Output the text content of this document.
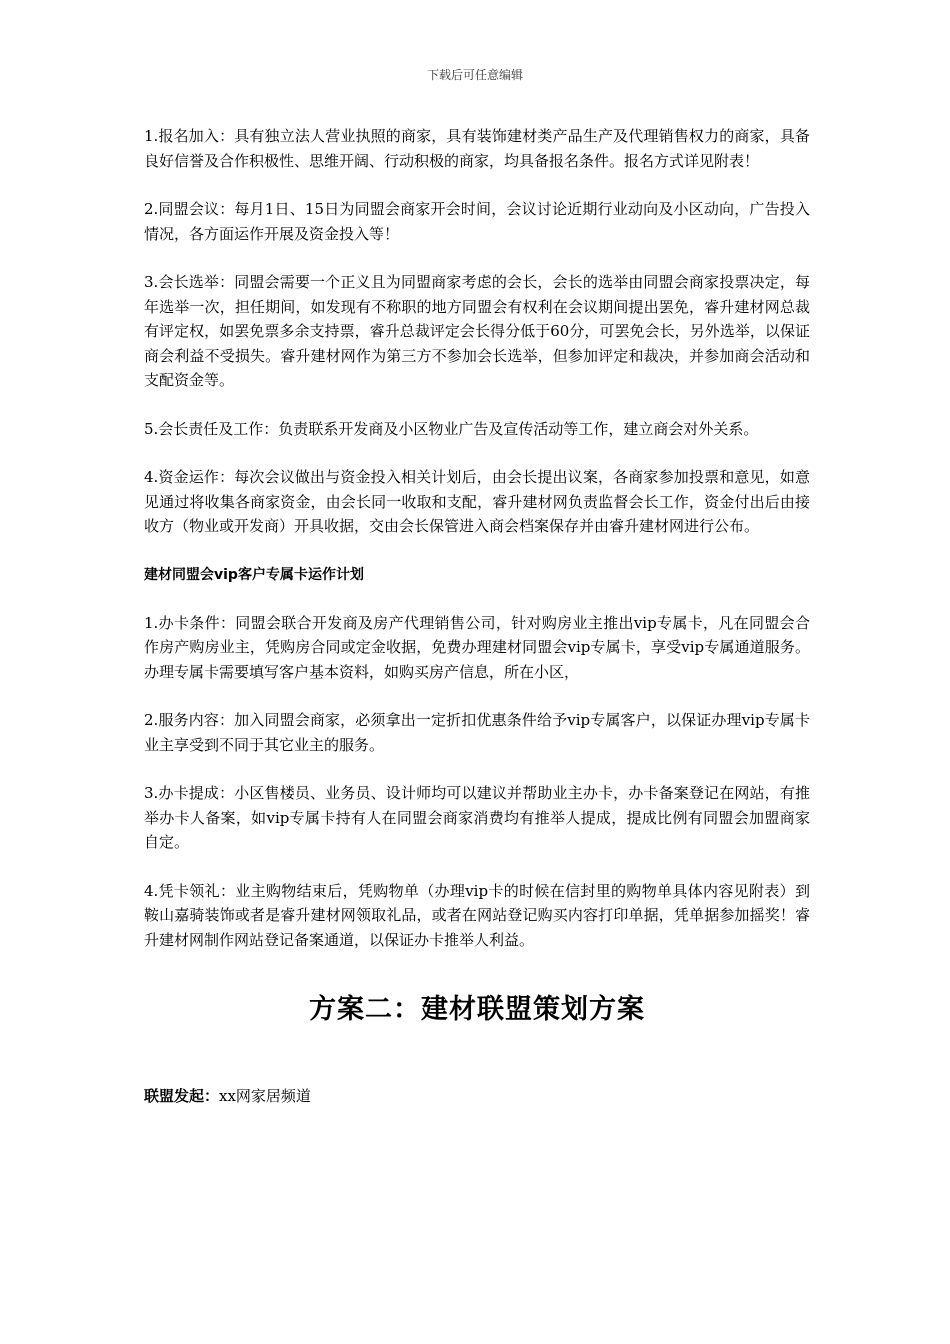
下载后可任意编辑

1.报名加入：具有独立法人营业执照的商家，具有装饰建材类产品生产及代理销售权力的商家，具备良好信誉及合作积极性、思维开阔、行动积极的商家，均具备报名条件。报名方式详见附表！

2.同盟会议：每月1日、15日为同盟会商家开会时间，会议讨论近期行业动向及小区动向，广告投入情况，各方面运作开展及资金投入等！

3.会长选举：同盟会需要一个正义且为同盟商家考虑的会长，会长的选举由同盟会商家投票决定，每年选举一次，担任期间，如发现有不称职的地方同盟会有权利在会议期间提出罢免，睿升建材网总裁有评定权，如罢免票多余支持票，睿升总裁评定会长得分低于60分，可罢免会长，另外选举，以保证商会利益不受损失。睿升建材网作为第三方不参加会长选举，但参加评定和裁决，并参加商会活动和支配资金等。

5.会长责任及工作：负责联系开发商及小区物业广告及宣传活动等工作，建立商会对外关系。

4.资金运作：每次会议做出与资金投入相关计划后，由会长提出议案，各商家参加投票和意见，如意见通过将收集各商家资金，由会长同一收取和支配，睿升建材网负责监督会长工作，资金付出后由接收方（物业或开发商）开具收据，交由会长保管进入商会档案保存并由睿升建材网进行公布。

建材同盟会vip客户专属卡运作计划

1.办卡条件：同盟会联合开发商及房产代理销售公司，针对购房业主推出vip专属卡，凡在同盟会合作房产购房业主，凭购房合同或定金收据，免费办理建材同盟会vip专属卡，享受vip专属通道服务。办理专属卡需要填写客户基本资料，如购买房产信息，所在小区，

2.服务内容：加入同盟会商家，必须拿出一定折扣优惠条件给予vip专属客户，以保证办理vip专属卡业主享受到不同于其它业主的服务。

3.办卡提成：小区售楼员、业务员、设计师均可以建议并帮助业主办卡，办卡备案登记在网站，有推举办卡人备案，如vip专属卡持有人在同盟会商家消费均有推举人提成，提成比例有同盟会加盟商家自定。

4.凭卡领礼：业主购物结束后，凭购物单（办理vip卡的时候在信封里的购物单具体内容见附表）到鞍山嘉骑装饰或者是睿升建材网领取礼品，或者在网站登记购买内容打印单据，凭单据参加摇奖！睿升建材网制作网站登记备案通道，以保证办卡推举人利益。

方案二：建材联盟策划方案

联盟发起：xx网家居频道
